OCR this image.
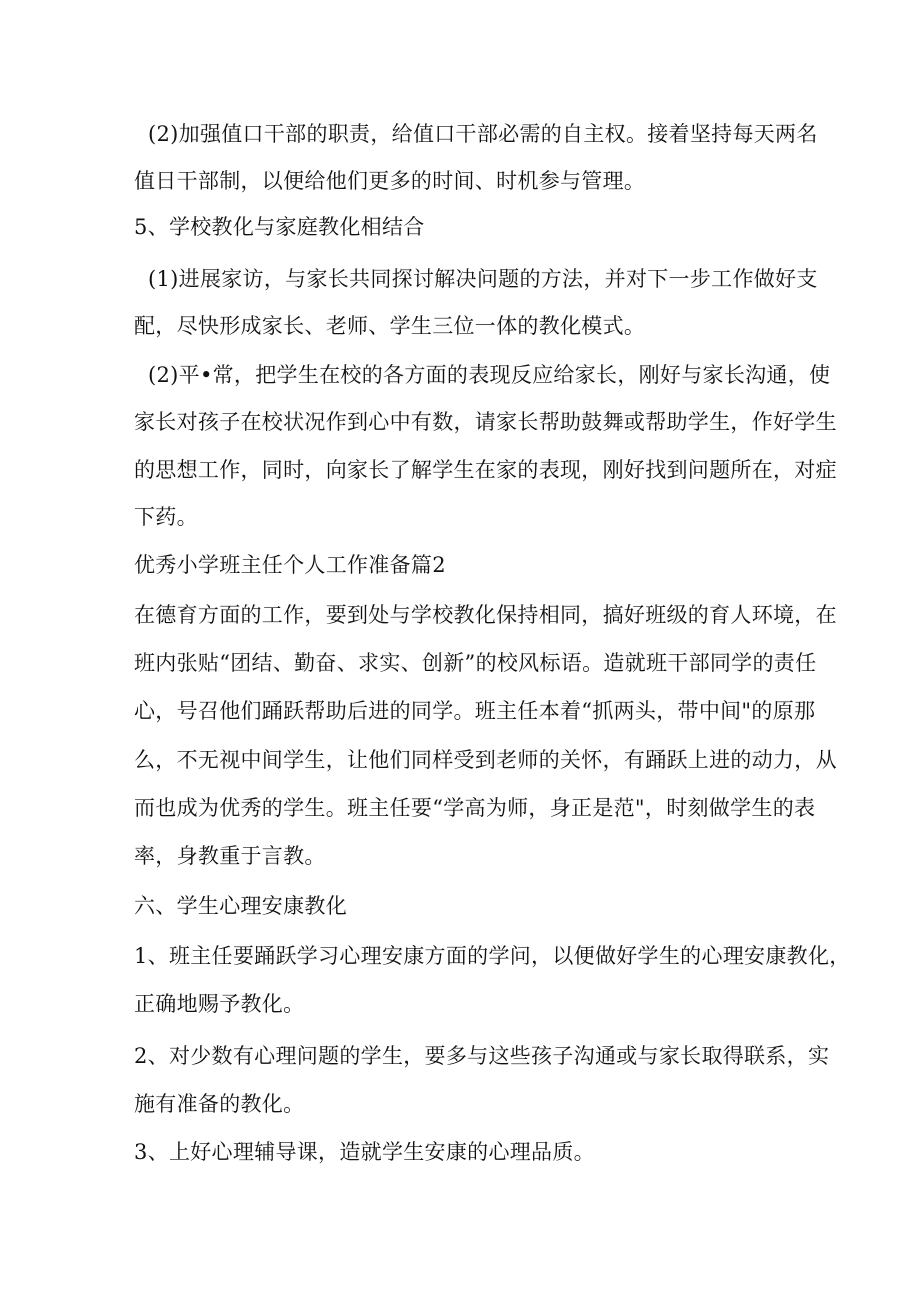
(2)加强值口干部的职责，给值口干部必需的自主权。接着坚持每天两名
值日干部制，以便给他们更多的时间、时机参与管理。
5、学校教化与家庭教化相结合
(1)进展家访，与家长共同探讨解决问题的方法，并对下一步工作做好支
配，尽快形成家长、老师、学生三位一体的教化模式。
(2)平•常，把学生在校的各方面的表现反应给家长，刚好与家长沟通，使
家长对孩子在校状况作到心中有数，请家长帮助鼓舞或帮助学生，作好学生
的思想工作，同时，向家长了解学生在家的表现，刚好找到问题所在，对症
下药。
优秀小学班主任个人工作准备篇2
在德育方面的工作，要到处与学校教化保持相同，搞好班级的育人环境，在
班内张贴“团结、勤奋、求实、创新”的校风标语。造就班干部同学的责任
心，号召他们踊跃帮助后进的同学。班主任本着“抓两头，带中间"的原那
么，不无视中间学生，让他们同样受到老师的关怀，有踊跃上进的动力，从
而也成为优秀的学生。班主任要“学高为师，身正是范"，时刻做学生的表
率，身教重于言教。
六、学生心理安康教化
1、班主任要踊跃学习心理安康方面的学问，以便做好学生的心理安康教化，
正确地赐予教化。
2、对少数有心理问题的学生，要多与这些孩子沟通或与家长取得联系，实
施有准备的教化。
3、上好心理辅导课，造就学生安康的心理品质。
